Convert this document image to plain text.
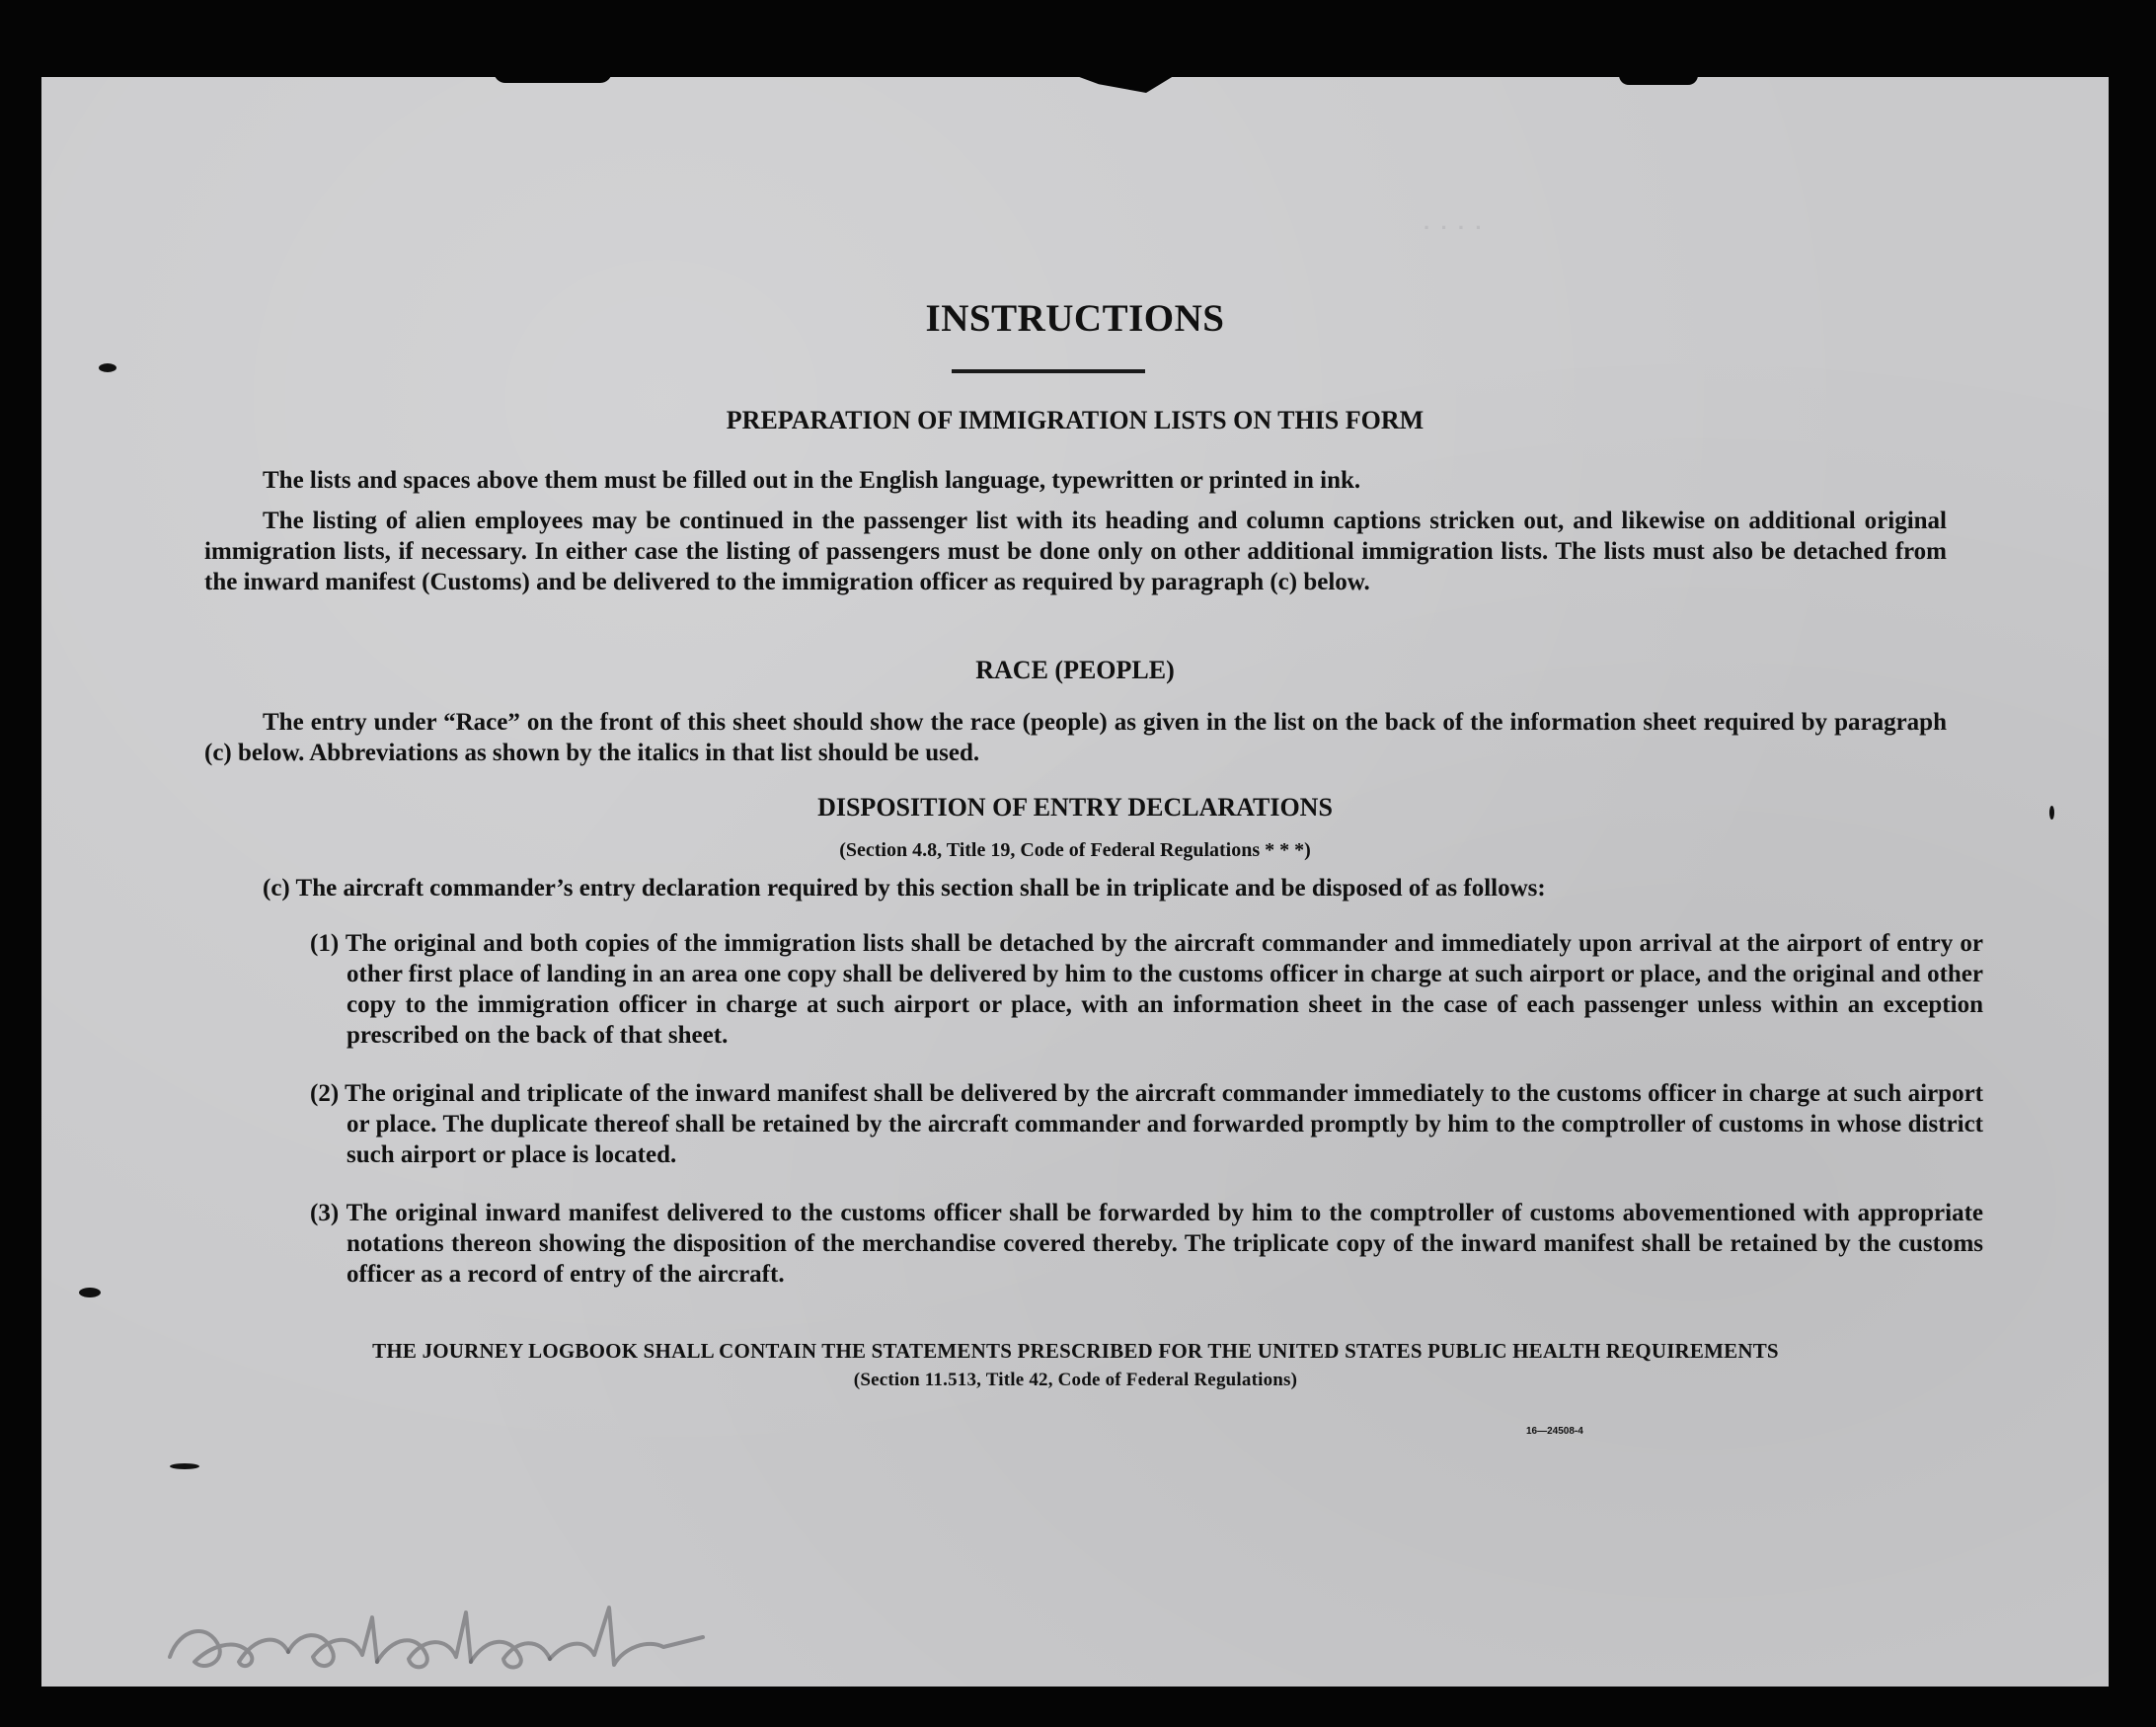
· · · ·
INSTRUCTIONS
PREPARATION OF IMMIGRATION LISTS ON THIS FORM
The lists and spaces above them must be filled out in the English language, typewritten or printed in ink.
The listing of alien employees may be continued in the passenger list with its heading and column captions stricken out, and likewise on additional original immigration lists, if necessary. In either case the listing of passengers must be done only on other additional immigration lists. The lists must also be detached from the inward manifest (Customs) and be delivered to the immigration officer as required by paragraph (c) below.
RACE (PEOPLE)
The entry under “Race” on the front of this sheet should show the race (people) as given in the list on the back of the information sheet required by paragraph (c) below. Abbreviations as shown by the italics in that list should be used.
DISPOSITION OF ENTRY DECLARATIONS
(Section 4.8, Title 19, Code of Federal Regulations * * *)
(c) The aircraft commander’s entry declaration required by this section shall be in triplicate and be disposed of as follows:
(1) The original and both copies of the immigration lists shall be detached by the aircraft commander and immediately upon arrival at the airport of entry or other first place of landing in an area one copy shall be delivered by him to the customs officer in charge at such airport or place, and the original and other copy to the immigration officer in charge at such airport or place, with an information sheet in the case of each passenger unless within an exception prescribed on the back of that sheet.
(2) The original and triplicate of the inward manifest shall be delivered by the aircraft commander immediately to the customs officer in charge at such airport or place. The duplicate thereof shall be retained by the aircraft commander and forwarded promptly by him to the comptroller of customs in whose district such airport or place is located.
(3) The original inward manifest delivered to the customs officer shall be forwarded by him to the comptroller of customs abovementioned with appropriate notations thereon showing the disposition of the merchandise covered thereby. The triplicate copy of the inward manifest shall be retained by the customs officer as a record of entry of the aircraft.
THE JOURNEY LOGBOOK SHALL CONTAIN THE STATEMENTS PRESCRIBED FOR THE UNITED STATES PUBLIC HEALTH REQUIREMENTS
(Section 11.513, Title 42, Code of Federal Regulations)
16—24508-4
